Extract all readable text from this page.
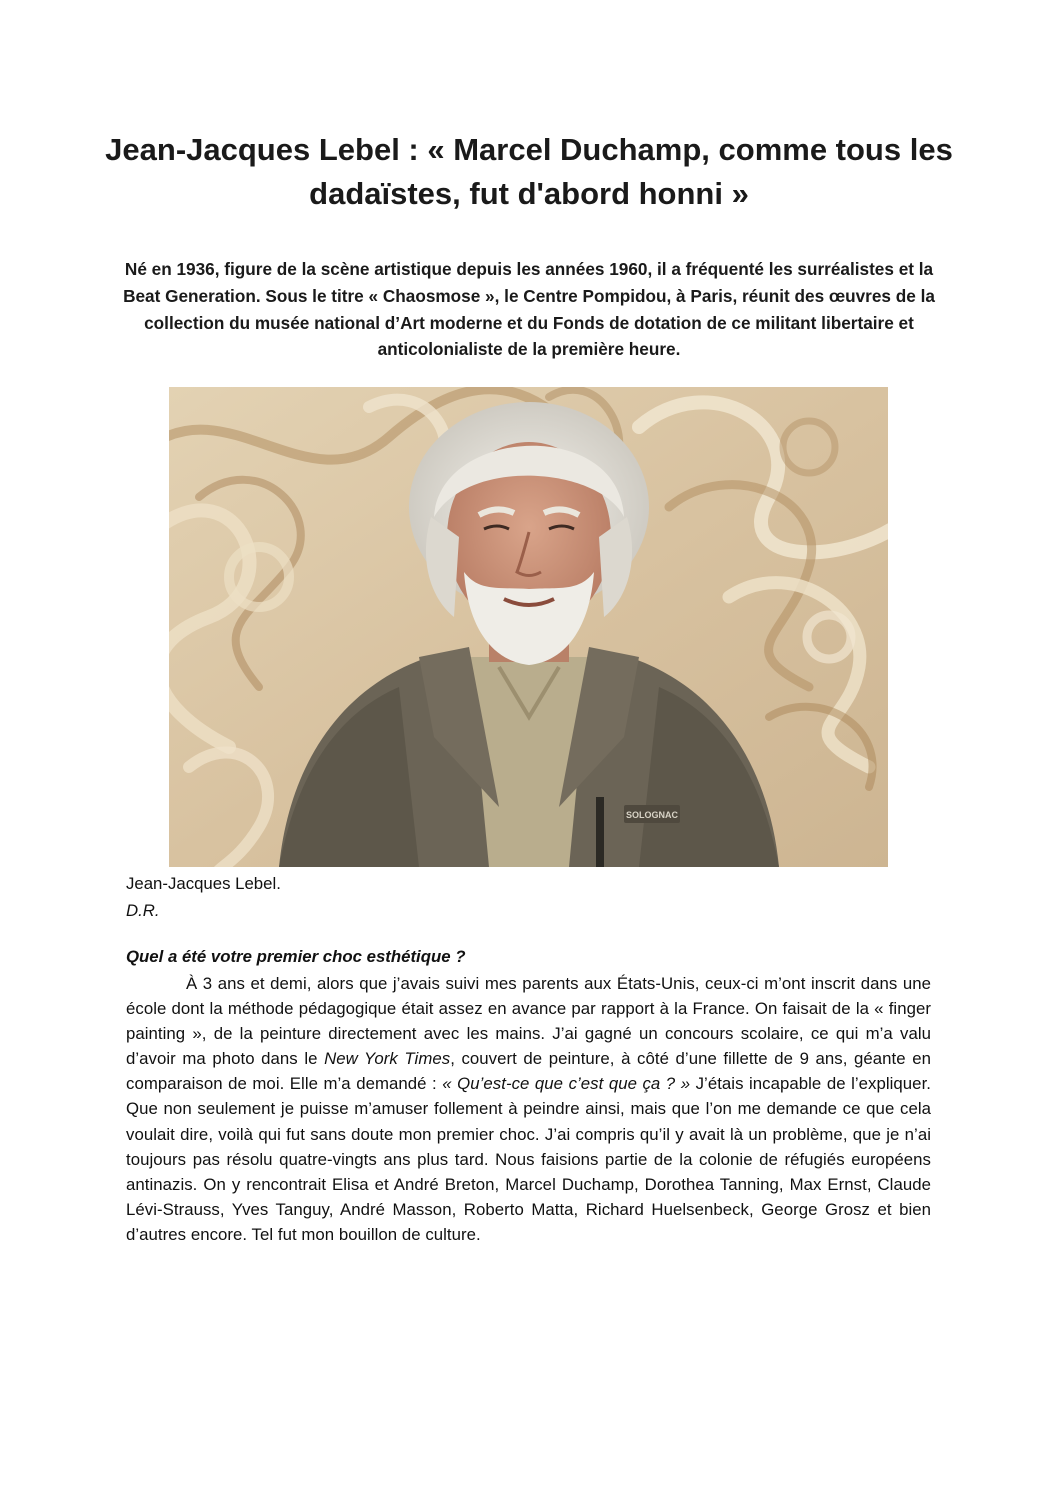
Jean-Jacques Lebel : « Marcel Duchamp, comme tous les dadaïstes, fut d'abord honni »

Né en 1936, figure de la scène artistique depuis les années 1960, il a fréquenté les surréalistes et la Beat Generation. Sous le titre « Chaosmose », le Centre Pompidou, à Paris, réunit des œuvres de la collection du musée national d’Art moderne et du Fonds de dotation de ce militant libertaire et anticolonialiste de la première heure.

SOLOGNAC
Jean-Jacques Lebel.
D.R.

Quel a été votre premier choc esthétique ?

À 3 ans et demi, alors que j’avais suivi mes parents aux États-Unis, ceux-ci m’ont inscrit dans une école dont la méthode pédagogique était assez en avance par rapport à la France. On faisait de la « finger painting », de la peinture directement avec les mains. J’ai gagné un concours scolaire, ce qui m’a valu d’avoir ma photo dans le New York Times, couvert de peinture, à côté d’une fillette de 9 ans, géante en comparaison de moi. Elle m’a demandé : « Qu’est-ce que c’est que ça ? » J’étais incapable de l’expliquer. Que non seulement je puisse m’amuser follement à peindre ainsi, mais que l’on me demande ce que cela voulait dire, voilà qui fut sans doute mon premier choc. J’ai compris qu’il y avait là un problème, que je n’ai toujours pas résolu quatre-vingts ans plus tard. Nous faisions partie de la colonie de réfugiés européens antinazis. On y rencontrait Elisa et André Breton, Marcel Duchamp, Dorothea Tanning, Max Ernst, Claude Lévi-Strauss, Yves Tanguy, André Masson, Roberto Matta, Richard Huelsenbeck, George Grosz et bien d’autres encore. Tel fut mon bouillon de culture.
